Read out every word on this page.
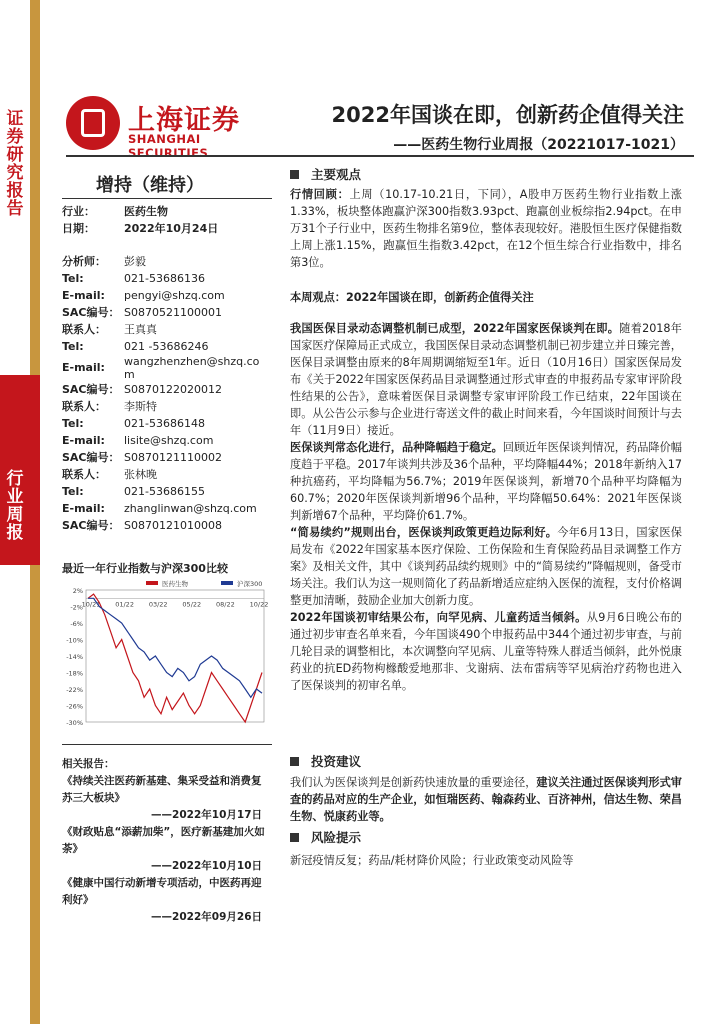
证券研究报告
行业周报
上海证券
SHANGHAI SECURITIES
2022年国谈在即，创新药企值得关注
——医药生物行业周报（20221017-1021）
增持（维持）
行业：	医药生物
日期：	2022年10月24日
分析师： 彭毅
Tel:	021-53686136
E-mail: pengyi@shzq.com
SAC编号： S0870521100001
联系人： 王真真
Tel:	021 -53686246
E-mail: wangzhenzhen@shzq.com
SAC编号： S0870122020012
联系人： 李斯特
Tel:	021-53686148
E-mail: lisite@shzq.com
SAC编号： S0870121110002
联系人： 张林晚
Tel:	021-53686155
E-mail: zhanglinwan@shzq.com
SAC编号： S0870121010008
最近一年行业指数与沪深300比较
2%
-2%
-6%
-10%
-14%
-18%
-22%
-26%
-30%
10/21 01/22 03/22 05/22 08/22 10/22
医药生物	沪深300
相关报告：
《持续关注医药新基建、集采受益和消费复苏三大板块》
——2022年10月17日
《财政贴息“添薪加柴”，医疗新基建加火如荼》
——2022年10月10日
《健康中国行动新增专项活动，中医药再迎利好》
——2022年09月26日
主要观点

行情回顾：上周（10.17-10.21日，下同），A股申万医药生物行业指数上涨1.33%，板块整体跑赢沪深300指数3.93pct、跑赢创业板综指2.94pct。在申万31个子行业中，医药生物排名第9位，整体表现较好。港股恒生医疗保健指数上周上涨1.15%，跑赢恒生指数3.42pct，在12个恒生综合行业指数中，排名第3位。

本周观点：2022年国谈在即，创新药企值得关注

我国医保目录动态调整机制已成型，2022年国家医保谈判在即。随着2018年国家医疗保障局正式成立，我国医保目录动态调整机制已初步建立并日臻完善，医保目录调整由原来的8年周期调缩短至1年。近日（10月16日）国家医保局发布《关于2022年国家医保药品目录调整通过形式审查的申报药品专家审评阶段性结果的公告》，意味着医保目录调整专家审评阶段工作已结束，22年国谈在即。从公告公示参与企业进行寄送文件的截止时间来看，今年国谈时间预计与去年（11月9日）接近。

医保谈判常态化进行，品种降幅趋于稳定。回顾近年医保谈判情况，药品降价幅度趋于平稳。2017年谈判共涉及36个品种，平均降幅44%；2018年新纳入17种抗癌药，平均降幅为56.7%；2019年医保谈判，新增70个品种平均降幅为60.7%；2020年医保谈判新增96个品种，平均降幅50.64%：2021年医保谈判新增67个品种，平均降价61.7%。

“简易续约”规则出台，医保谈判政策更趋边际利好。今年6月13日，国家医保局发布《2022年国家基本医疗保险、工伤保险和生育保险药品目录调整工作方案》及相关文件，其中《谈判药品续约规则》中的“简易续约”降幅规则，备受市场关注。我们认为这一规则简化了药品新增适应症纳入医保的流程，支付价格调整更加清晰，鼓励企业加大创新力度。

2022年国谈初审结果公布，向罕见病、儿童药适当倾斜。从9月6日晚公布的通过初步审查名单来看，今年国谈490个申报药品中344个通过初步审查，与前几轮目录的调整相比，本次调整向罕见病、儿童等特殊人群适当倾斜，此外悦康药业的抗ED药物枸橼酸爱地那非、戈谢病、法布雷病等罕见病治疗药物也进入了医保谈判的初审名单。

投资建议

我们认为医保谈判是创新药快速放量的重要途径，建议关注通过医保谈判形式审查的药品对应的生产企业，如恒瑞医药、翰森药业、百济神州，信达生物、荣昌生物、悦康药业等。

风险提示

新冠疫情反复；药品/耗材降价风险；行业政策变动风险等
